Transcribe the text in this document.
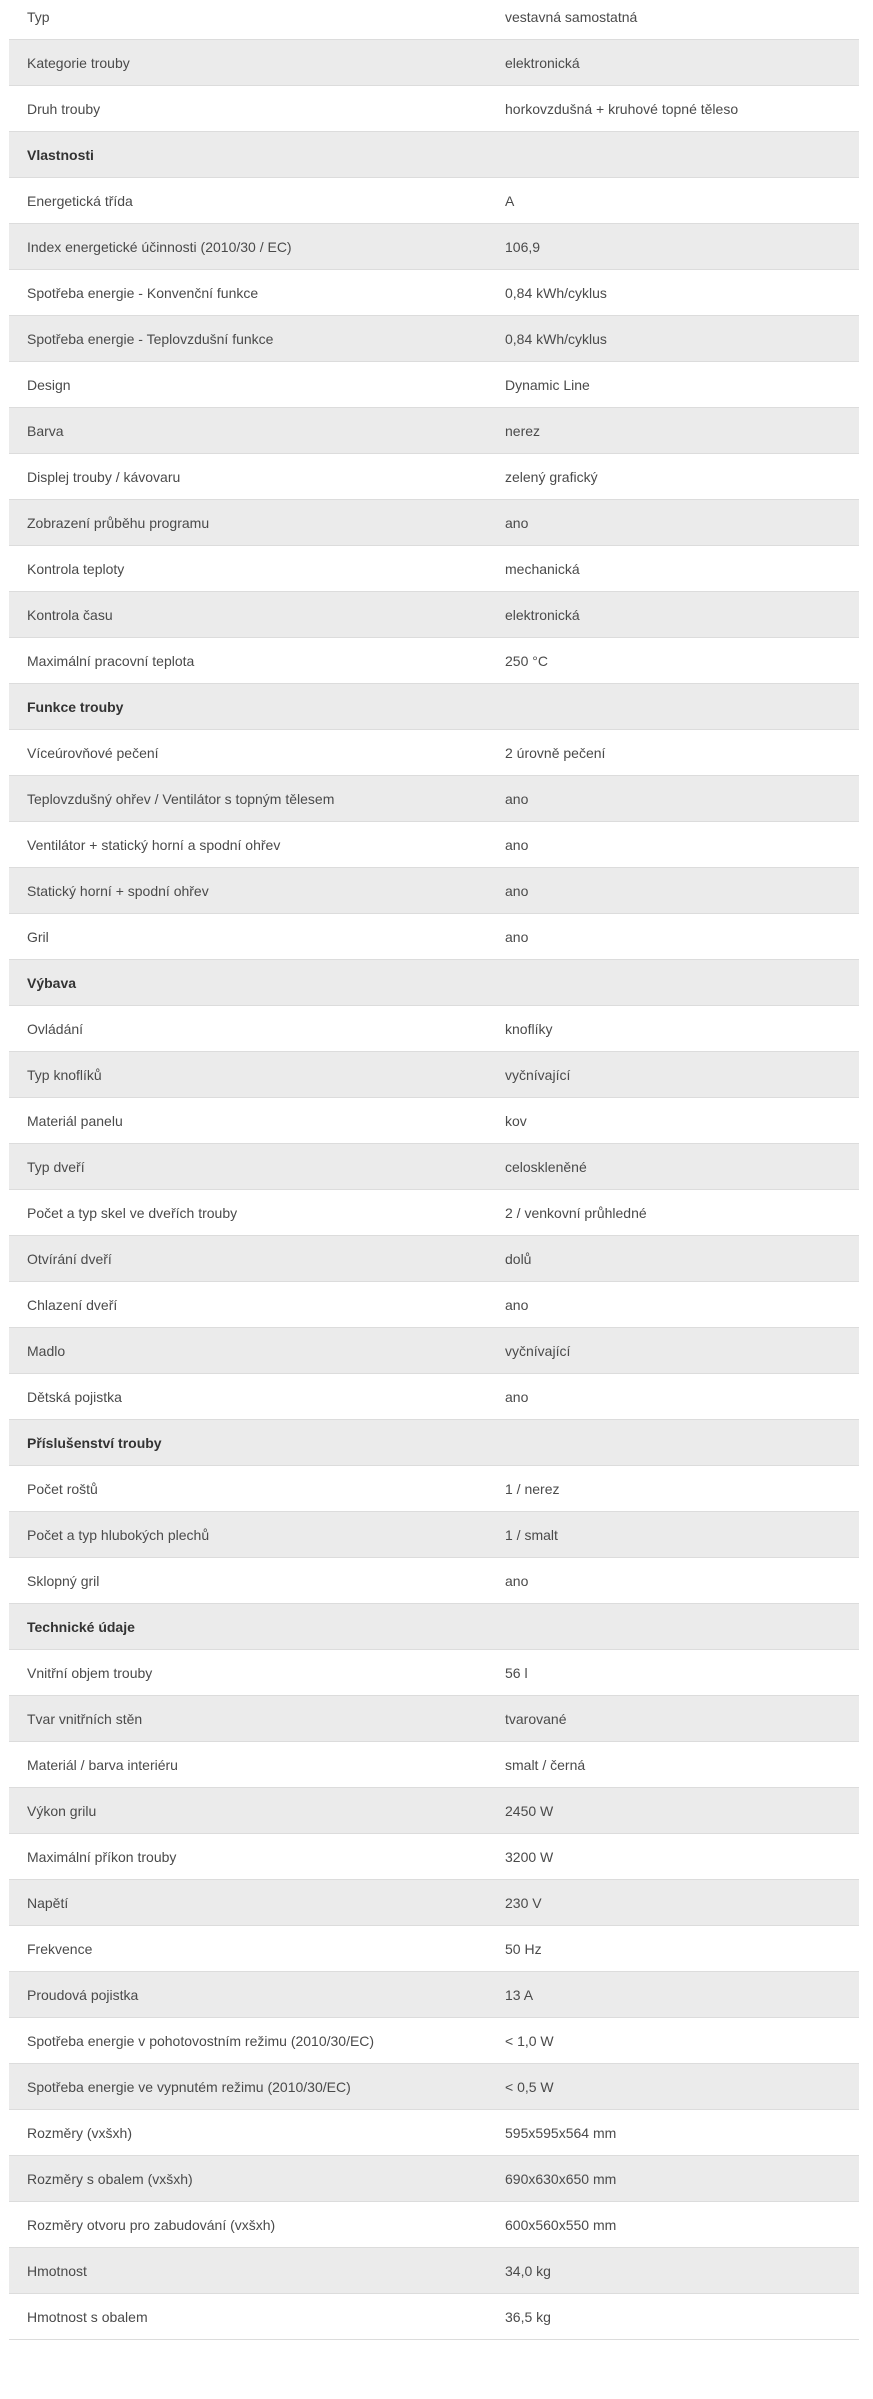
Typ	vestavná samostatná
Kategorie trouby	elektronická
Druh trouby	horkovzdušná + kruhové topné těleso
Vlastnosti
Energetická třída	A
Index energetické účinnosti (2010/30 / EC)	106,9
Spotřeba energie - Konvenční funkce	0,84 kWh/cyklus
Spotřeba energie - Teplovzdušní funkce	0,84 kWh/cyklus
Design	Dynamic Line
Barva	nerez
Displej trouby / kávovaru	zelený grafický
Zobrazení průběhu programu	ano
Kontrola teploty	mechanická
Kontrola času	elektronická
Maximální pracovní teplota	250 °C
Funkce trouby
Víceúrovňové pečení	2 úrovně pečení
Teplovzdušný ohřev / Ventilátor s topným tělesem	ano
Ventilátor + statický horní a spodní ohřev	ano
Statický horní + spodní ohřev	ano
Gril	ano
Výbava
Ovládání	knoflíky
Typ knoflíků	vyčnívající
Materiál panelu	kov
Typ dveří	celoskleněné
Počet a typ skel ve dveřích trouby	2 / venkovní průhledné
Otvírání dveří	dolů
Chlazení dveří	ano
Madlo	vyčnívající
Dětská pojistka	ano
Příslušenství trouby
Počet roštů	1 / nerez
Počet a typ hlubokých plechů	1 / smalt
Sklopný gril	ano
Technické údaje
Vnitřní objem trouby	56 l
Tvar vnitřních stěn	tvarované
Materiál / barva interiéru	smalt / černá
Výkon grilu	2450 W
Maximální příkon trouby	3200 W
Napětí	230 V
Frekvence	50 Hz
Proudová pojistka	13 A
Spotřeba energie v pohotovostním režimu (2010/30/EC)	< 1,0 W
Spotřeba energie ve vypnutém režimu (2010/30/EC)	< 0,5 W
Rozměry (vxšxh)	595x595x564 mm
Rozměry s obalem (vxšxh)	690x630x650 mm
Rozměry otvoru pro zabudování (vxšxh)	600x560x550 mm
Hmotnost	34,0 kg
Hmotnost s obalem	36,5 kg
